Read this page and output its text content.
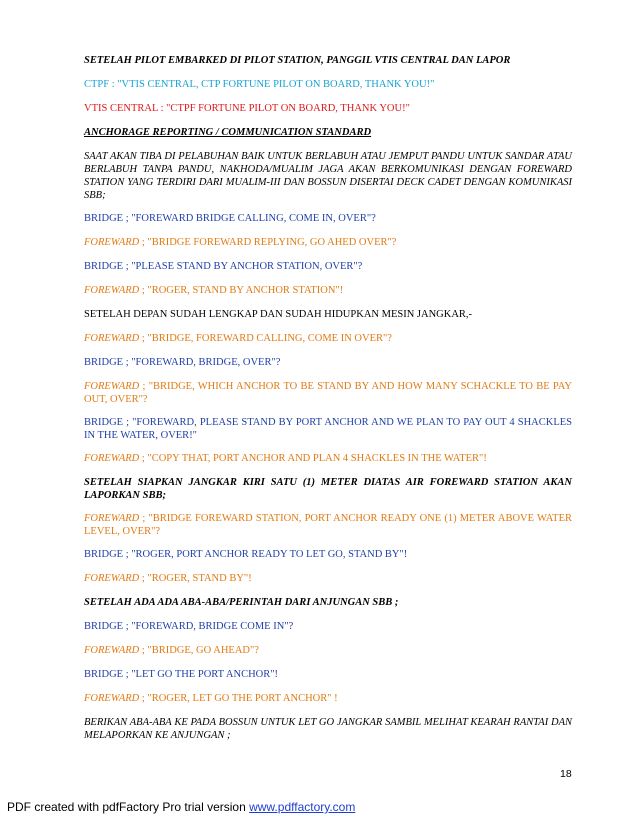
SETELAH PILOT EMBARKED DI PILOT STATION, PANGGIL VTIS CENTRAL DAN LAPOR

CTPF : "VTIS CENTRAL, CTP FORTUNE PILOT ON BOARD, THANK YOU!"

VTIS CENTRAL : "CTPF FORTUNE PILOT ON BOARD, THANK YOU!"

ANCHORAGE REPORTING / COMMUNICATION STANDARD

SAAT AKAN TIBA DI PELABUHAN BAIK UNTUK BERLABUH ATAU JEMPUT PANDU UNTUK SANDAR ATAU BERLABUH TANPA PANDU, NAKHODA/MUALIM JAGA AKAN BERKOMUNIKASI DENGAN FOREWARD STATION YANG TERDIRI DARI MUALIM-III DAN BOSSUN DISERTAI DECK CADET DENGAN KOMUNIKASI SBB;

BRIDGE ; "FOREWARD BRIDGE CALLING, COME IN, OVER"?

FOREWARD ; "BRIDGE FOREWARD REPLYING, GO AHED OVER"?

BRIDGE ; "PLEASE STAND BY ANCHOR STATION, OVER"?

FOREWARD ; "ROGER, STAND BY ANCHOR STATION"!

SETELAH DEPAN SUDAH LENGKAP DAN SUDAH HIDUPKAN MESIN JANGKAR,-

FOREWARD ; "BRIDGE, FOREWARD CALLING, COME IN OVER"?

BRIDGE ; "FOREWARD, BRIDGE, OVER"?

FOREWARD ; "BRIDGE, WHICH ANCHOR TO BE STAND BY AND HOW MANY SCHACKLE TO BE PAY OUT, OVER"?

BRIDGE ; "FOREWARD, PLEASE STAND BY PORT ANCHOR AND WE PLAN TO PAY OUT 4 SHACKLES IN THE WATER, OVER!"

FOREWARD ; "COPY THAT, PORT ANCHOR AND PLAN 4 SHACKLES IN THE WATER"!

SETELAH SIAPKAN JANGKAR KIRI SATU (1) METER DIATAS AIR FOREWARD STATION AKAN LAPORKAN SBB;

FOREWARD ; "BRIDGE FOREWARD STATION, PORT ANCHOR READY ONE (1) METER ABOVE WATER LEVEL, OVER"?

BRIDGE ; "ROGER, PORT ANCHOR READY TO LET GO, STAND BY"!

FOREWARD ; "ROGER, STAND BY"!

SETELAH ADA ADA ABA-ABA/PERINTAH DARI ANJUNGAN SBB ;

BRIDGE ; "FOREWARD, BRIDGE COME IN"?

FOREWARD ; "BRIDGE, GO AHEAD"?

BRIDGE ; "LET GO THE PORT ANCHOR"!

FOREWARD ; "ROGER, LET GO THE PORT ANCHOR" !

BERIKAN ABA-ABA KE PADA BOSSUN UNTUK LET GO JANGKAR SAMBIL MELIHAT KEARAH RANTAI DAN MELAPORKAN KE ANJUNGAN ;

18
PDF created with pdfFactory Pro trial version www.pdffactory.com
